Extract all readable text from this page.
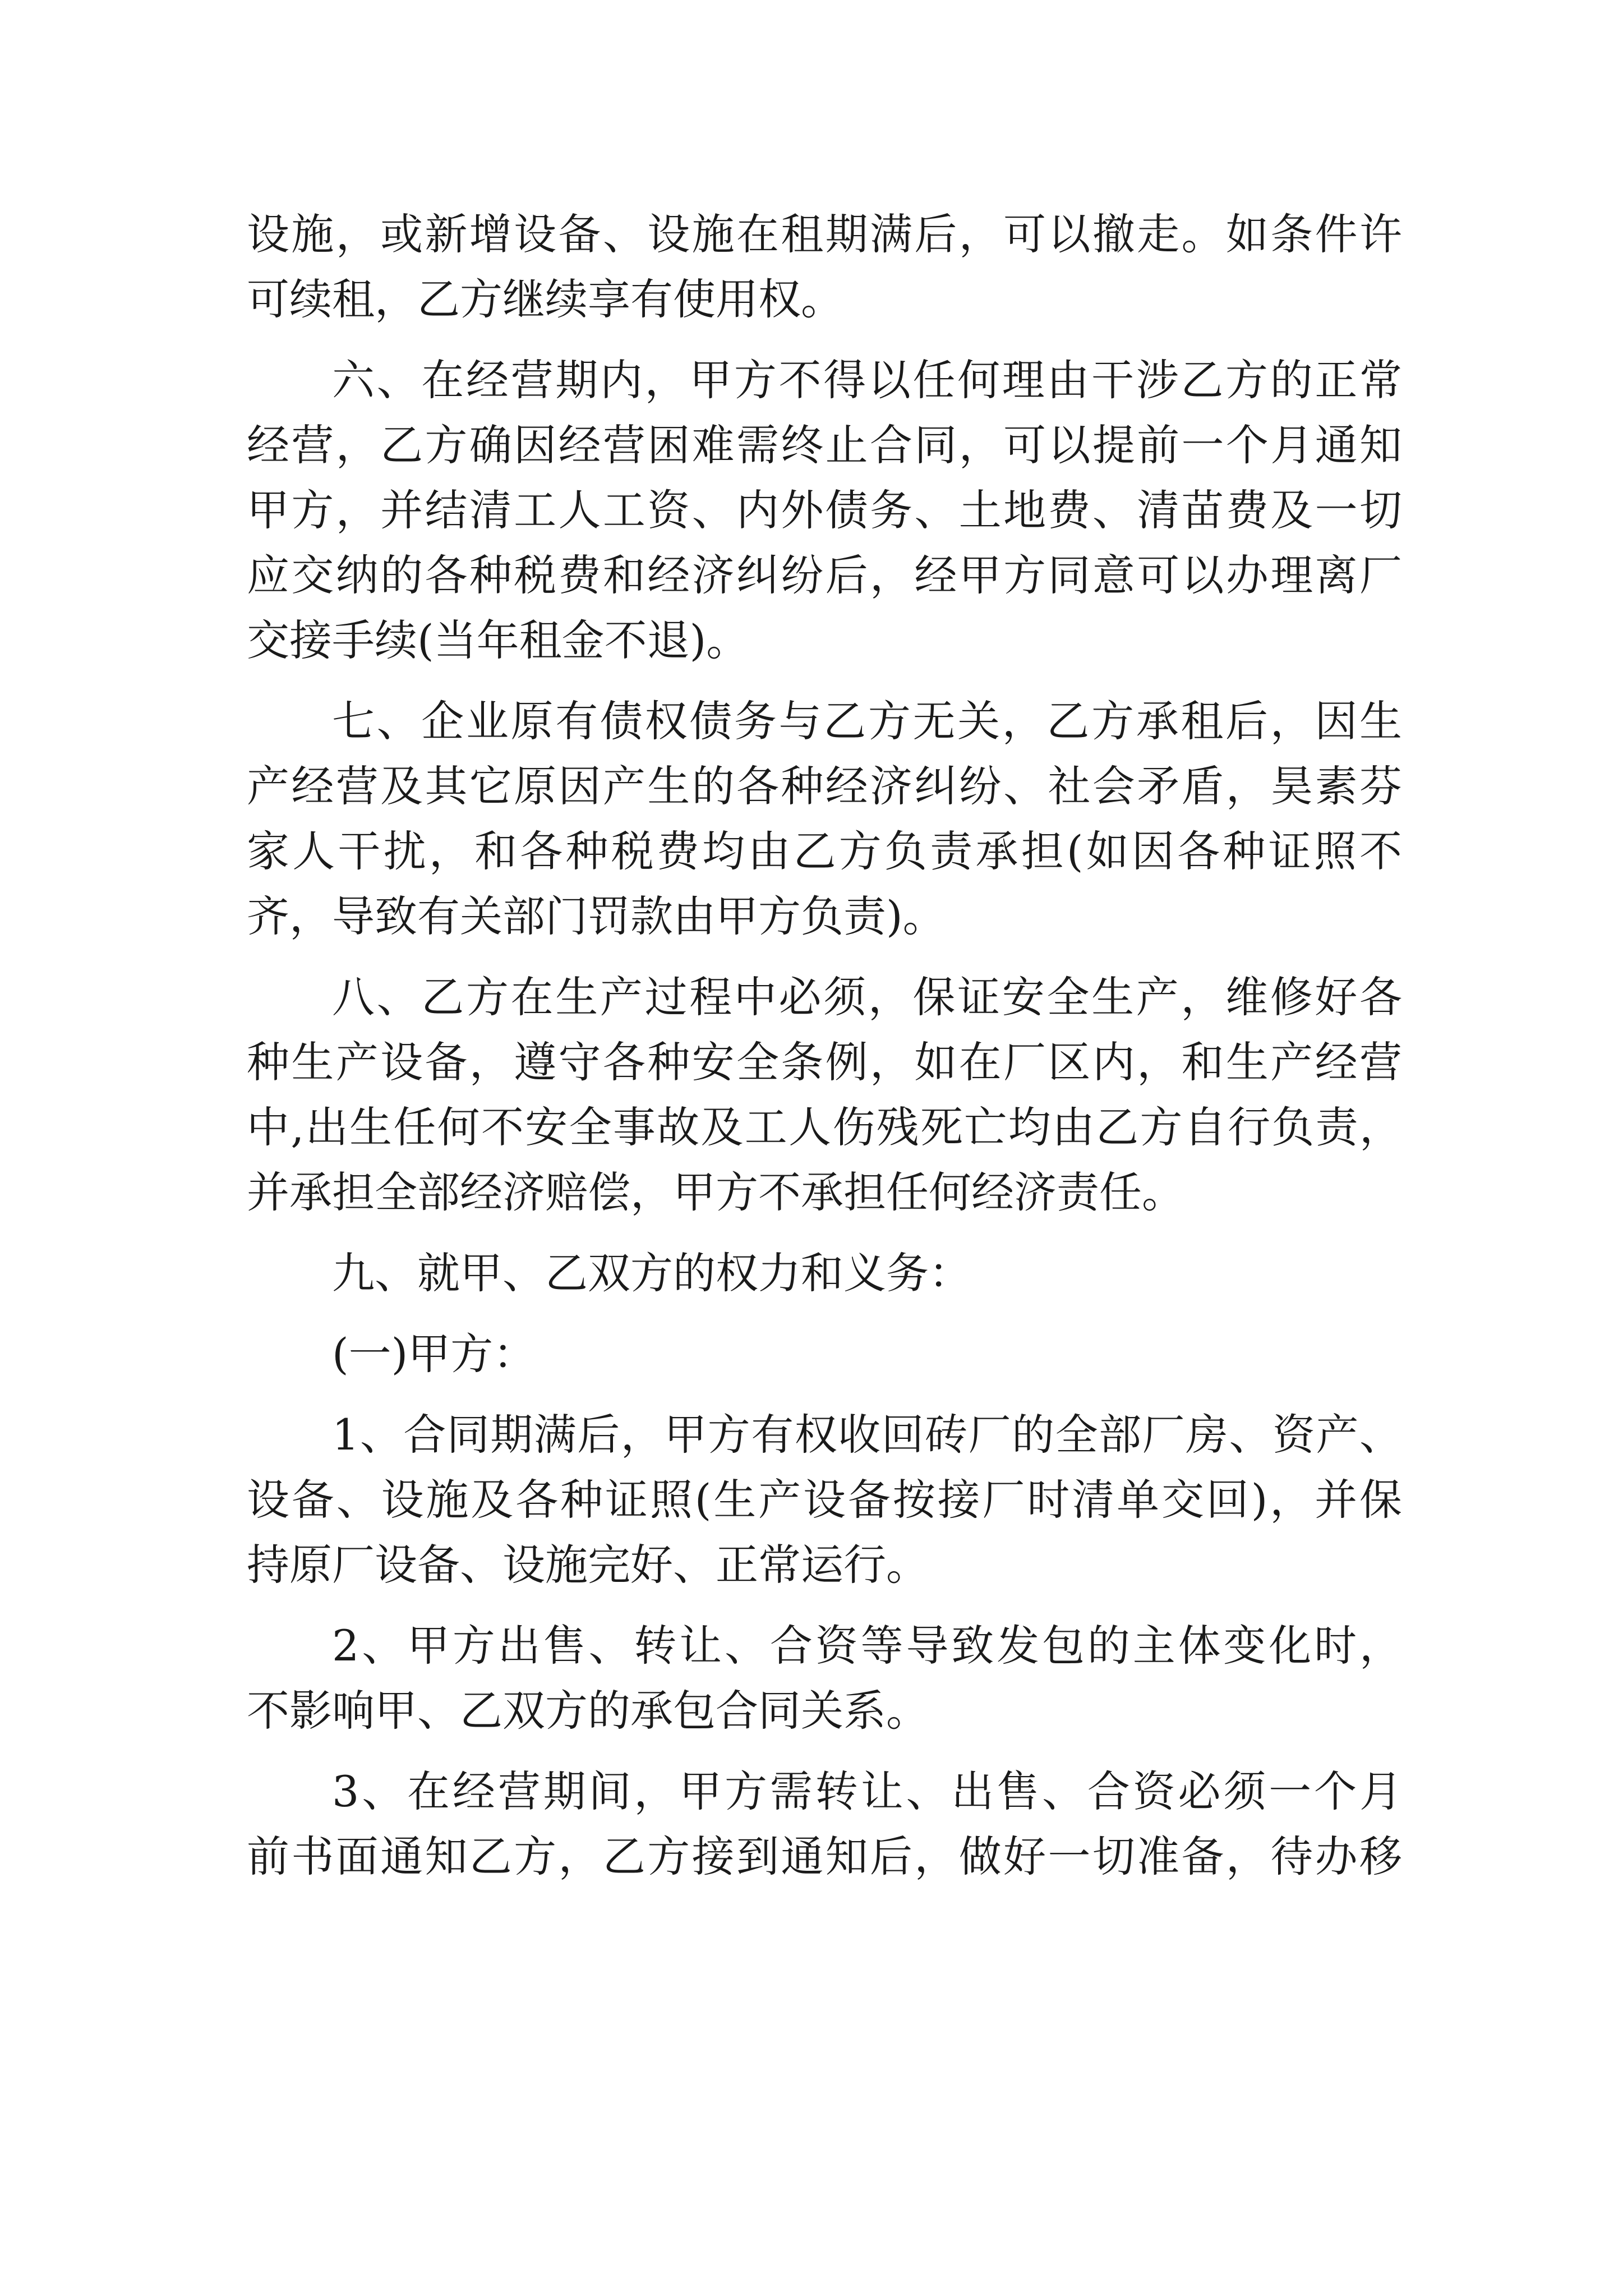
设施，或新增设备、设施在租期满后，可以撤走。如条件许
可续租，乙方继续享有使用权。
六、在经营期内，甲方不得以任何理由干涉乙方的正常
经营，乙方确因经营困难需终止合同，可以提前一个月通知
甲方，并结清工人工资、内外债务、土地费、清苗费及一切
应交纳的各种税费和经济纠纷后，经甲方同意可以办理离厂
交接手续(当年租金不退)。
七、企业原有债权债务与乙方无关，乙方承租后，因生
产经营及其它原因产生的各种经济纠纷、社会矛盾，昊素芬
家人干扰，和各种税费均由乙方负责承担(如因各种证照不
齐，导致有关部门罚款由甲方负责)。
八、乙方在生产过程中必须，保证安全生产，维修好各
种生产设备，遵守各种安全条例，如在厂区内，和生产经营
中,出生任何不安全事故及工人伤残死亡均由乙方自行负责，
并承担全部经济赔偿，甲方不承担任何经济责任。
九、就甲、乙双方的权力和义务：
(一)甲方：
1、合同期满后，甲方有权收回砖厂的全部厂房、资产、
设备、设施及各种证照(生产设备按接厂时清单交回)，并保
持原厂设备、设施完好、正常运行。
2、甲方出售、转让、合资等导致发包的主体变化时，
不影响甲、乙双方的承包合同关系。
3、在经营期间，甲方需转让、出售、合资必须一个月
前书面通知乙方，乙方接到通知后，做好一切准备，待办移
